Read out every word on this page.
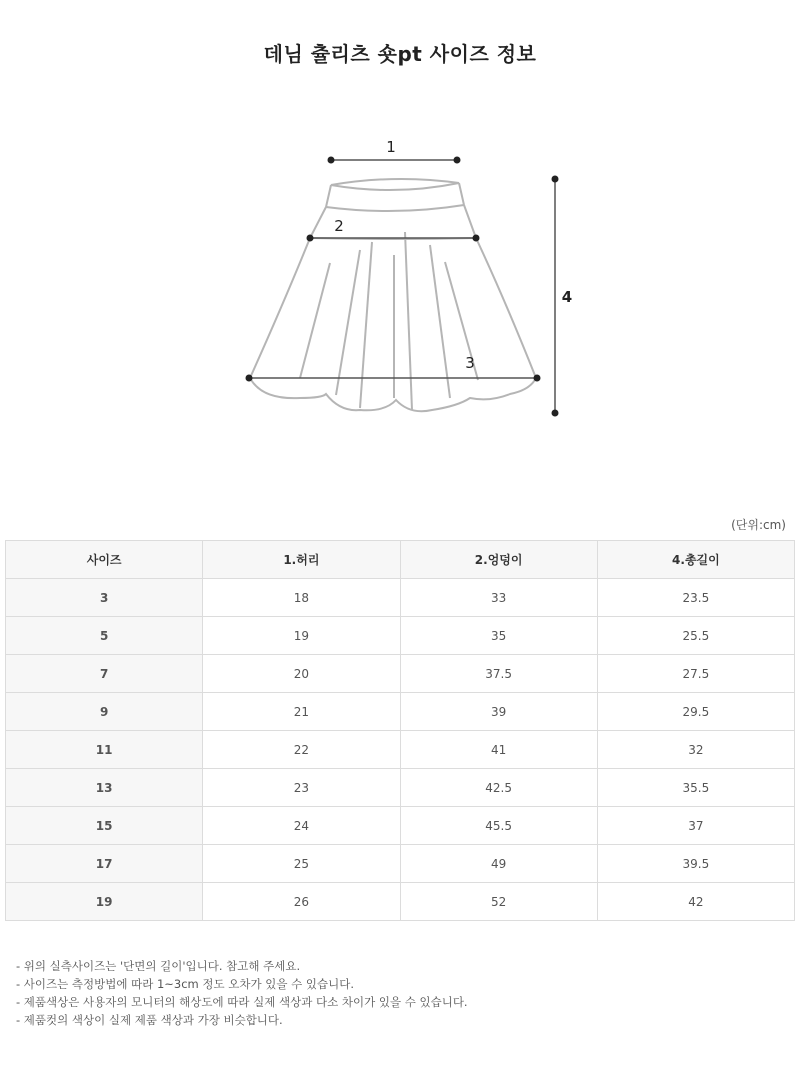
데님 츌리츠 숏pt 사이즈 정보
1
2
3
4
(단위:cm)
사이즈	1.허리	2.엉덩이	4.총길이
3	18	33	23.5
5	19	35	25.5
7	20	37.5	27.5
9	21	39	29.5
11	22	41	32
13	23	42.5	35.5
15	24	45.5	37
17	25	49	39.5
19	26	52	42
- 위의 실측사이즈는 '단면의 길이'입니다. 참고해 주세요.
- 사이즈는 측정방법에 따라 1~3cm 정도 오차가 있을 수 있습니다.
- 제품색상은 사용자의 모니터의 해상도에 따라 실제 색상과 다소 차이가 있을 수 있습니다.
- 제품컷의 색상이 실제 제품 색상과 가장 비슷합니다.
